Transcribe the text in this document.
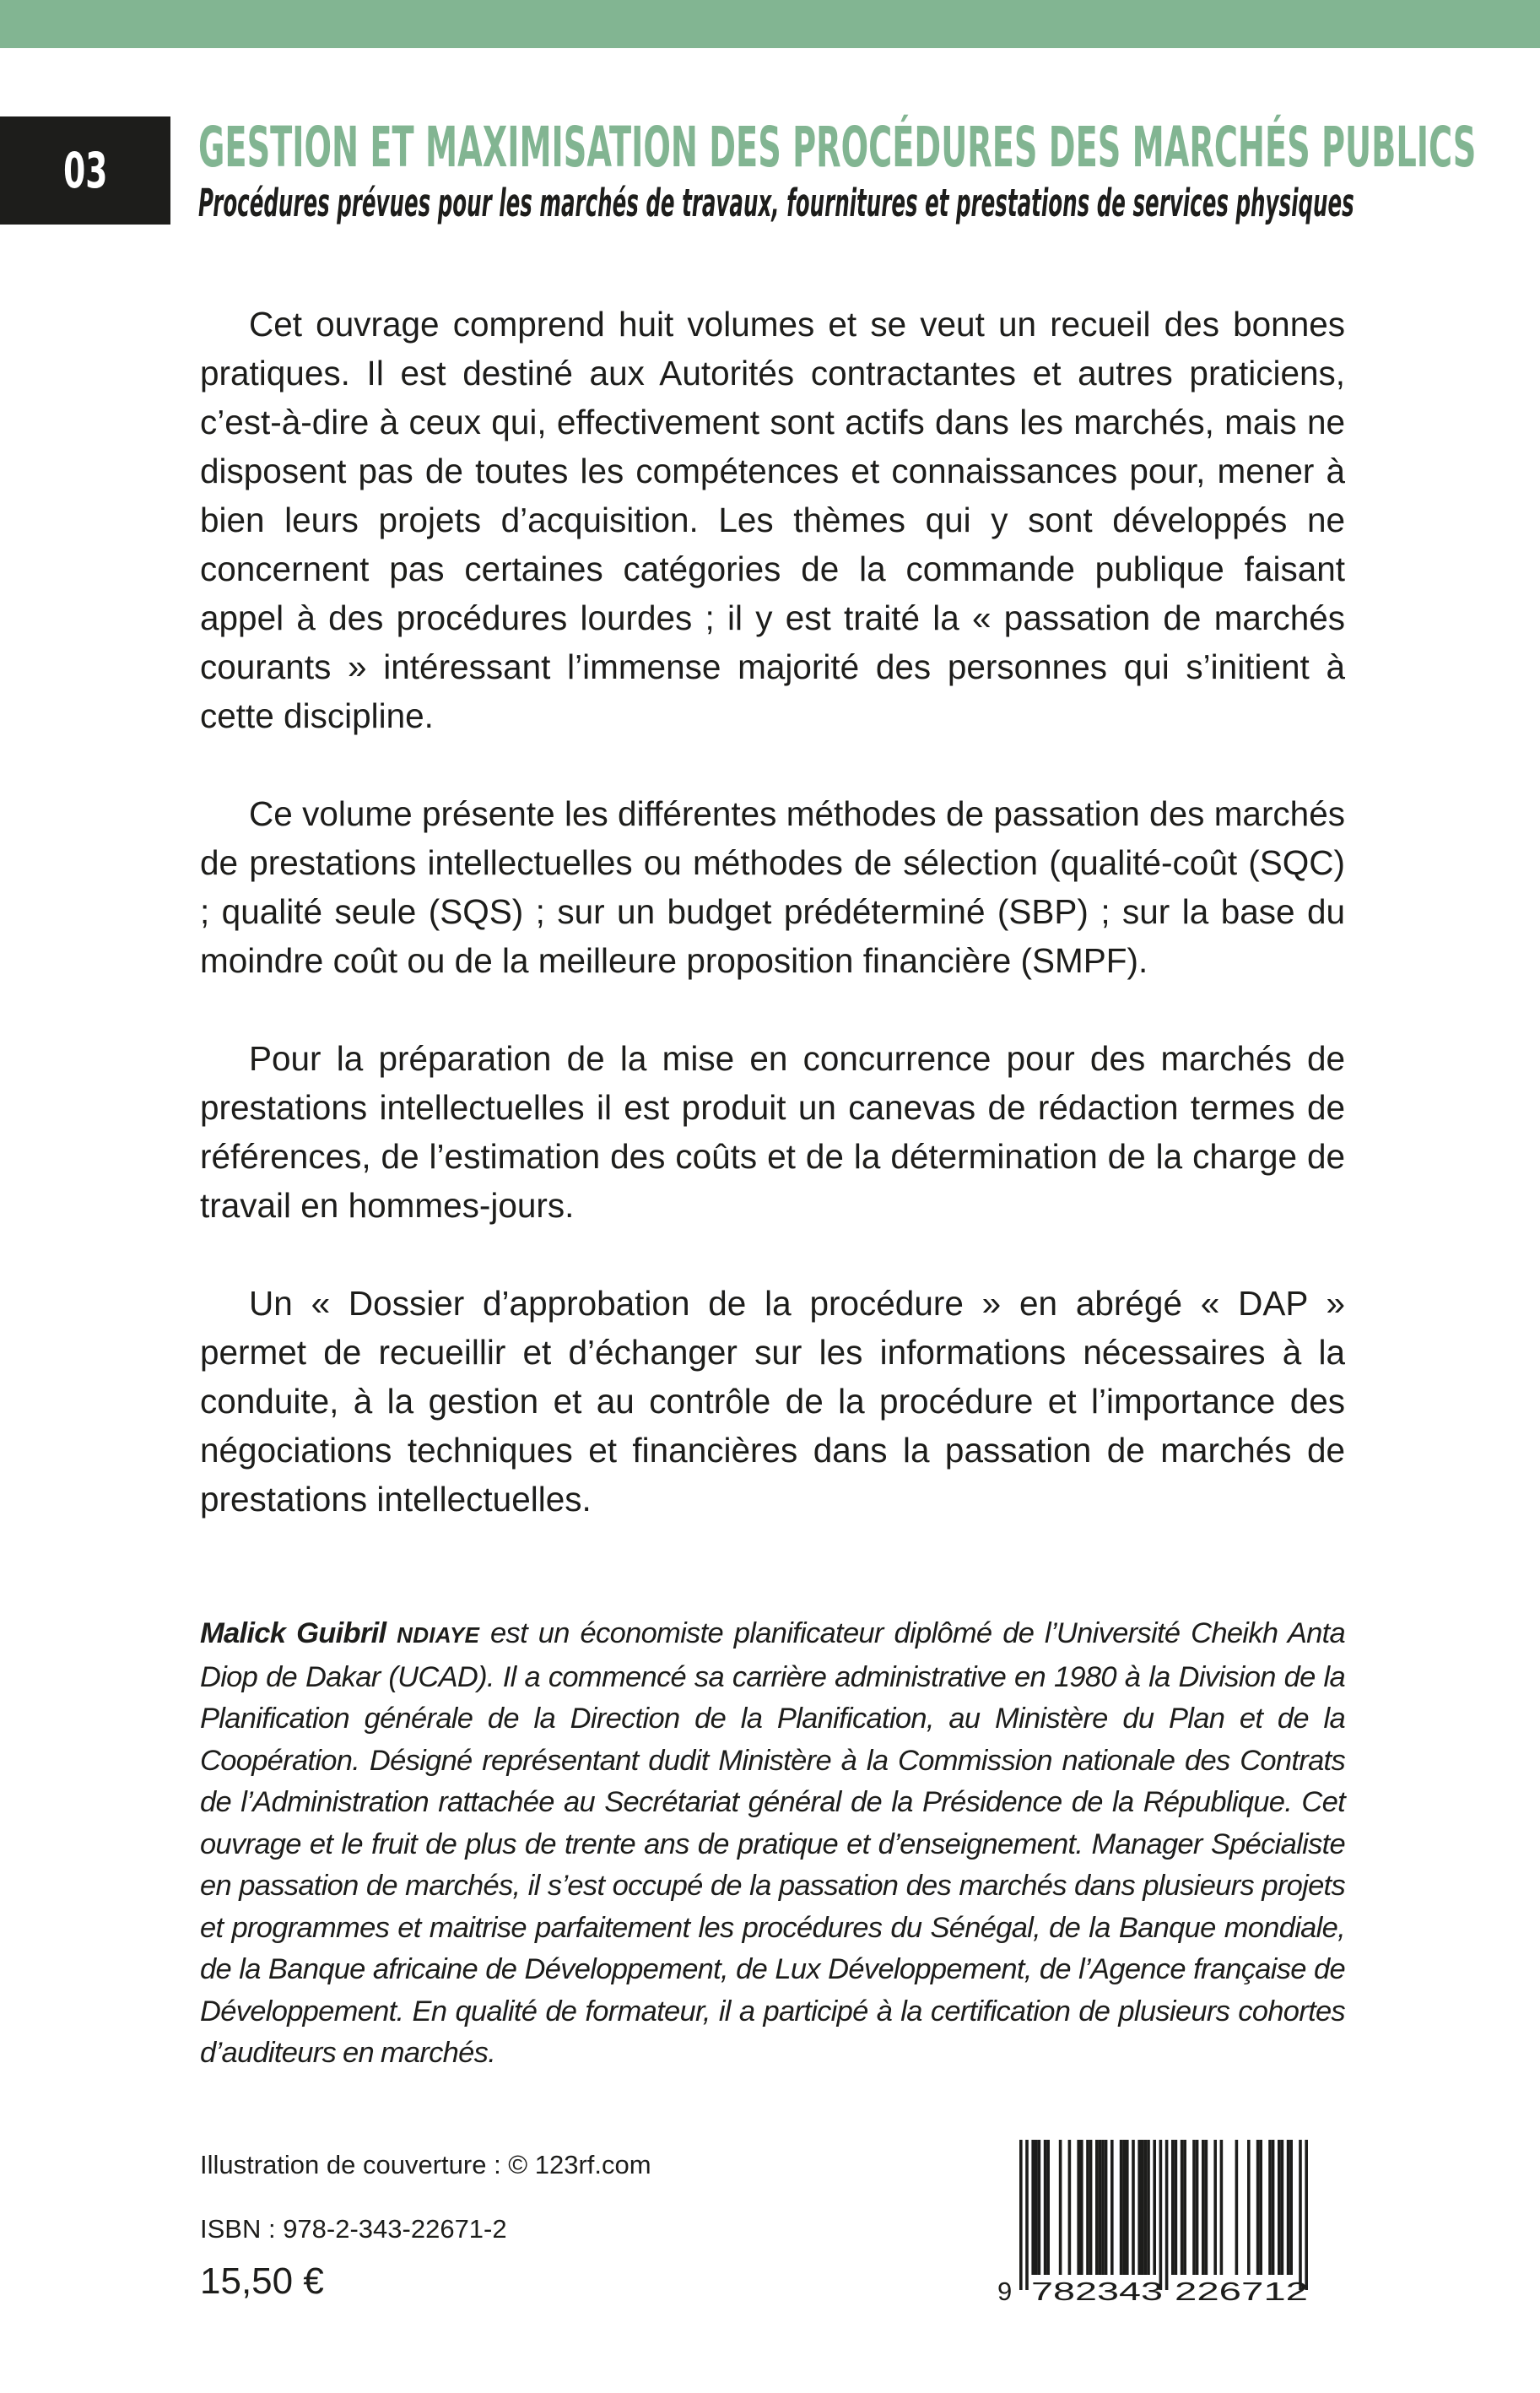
03 GESTION ET MAXIMISATION DES PROCÉDURES DES MARCHÉS PUBLICS
Procédures prévues pour les marchés de travaux, fournitures et prestations de services physiques

Cet ouvrage comprend huit volumes et se veut un recueil des bonnes pratiques. Il est destiné aux Autorités contractantes et autres praticiens, c’est-à-dire à ceux qui, effectivement sont actifs dans les marchés, mais ne disposent pas de toutes les compétences et connaissances pour, mener à bien leurs projets d’acquisition. Les thèmes qui y sont développés ne concernent pas certaines catégories de la commande publique faisant appel à des procédures lourdes ; il y est traité la « passation de marchés courants » intéressant l’immense majorité des personnes qui s’initient à cette discipline.

Ce volume présente les différentes méthodes de passation des marchés de prestations intellectuelles ou méthodes de sélection (qualité-coût (SQC) ; qualité seule (SQS) ; sur un budget prédéterminé (SBP) ; sur la base du moindre coût ou de la meilleure proposition financière (SMPF).

Pour la préparation de la mise en concurrence pour des marchés de prestations intellectuelles il est produit un canevas de rédaction termes de références, de l’estimation des coûts et de la détermination de la charge de travail en hommes-jours.

Un « Dossier d’approbation de la procédure » en abrégé « DAP » permet de recueillir et d’échanger sur les informations nécessaires à la conduite, à la gestion et au contrôle de la procédure et l’importance des négociations techniques et financières dans la passation de marchés de prestations intellectuelles.

Malick Guibril NDIAYE est un économiste planificateur diplômé de l’Université Cheikh Anta Diop de Dakar (UCAD). Il a commencé sa carrière administrative en 1980 à la Division de la Planification générale de la Direction de la Planification, au Ministère du Plan et de la Coopération. Désigné représentant dudit Ministère à la Commission nationale des Contrats de l’Administration rattachée au Secrétariat général de la Présidence de la République. Cet ouvrage et le fruit de plus de trente ans de pratique et d’enseignement. Manager Spécialiste en passation de marchés, il s’est occupé de la passation des marchés dans plusieurs projets et programmes et maitrise parfaitement les procédures du Sénégal, de la Banque mondiale, de la Banque africaine de Développement, de Lux Développement, de l’Agence française de Développement. En qualité de formateur, il a participé à la certification de plusieurs cohortes d’auditeurs en marchés.

Illustration de couverture : © 123rf.com
ISBN : 978-2-343-22671-2
15,50 €	9 782343 226712
